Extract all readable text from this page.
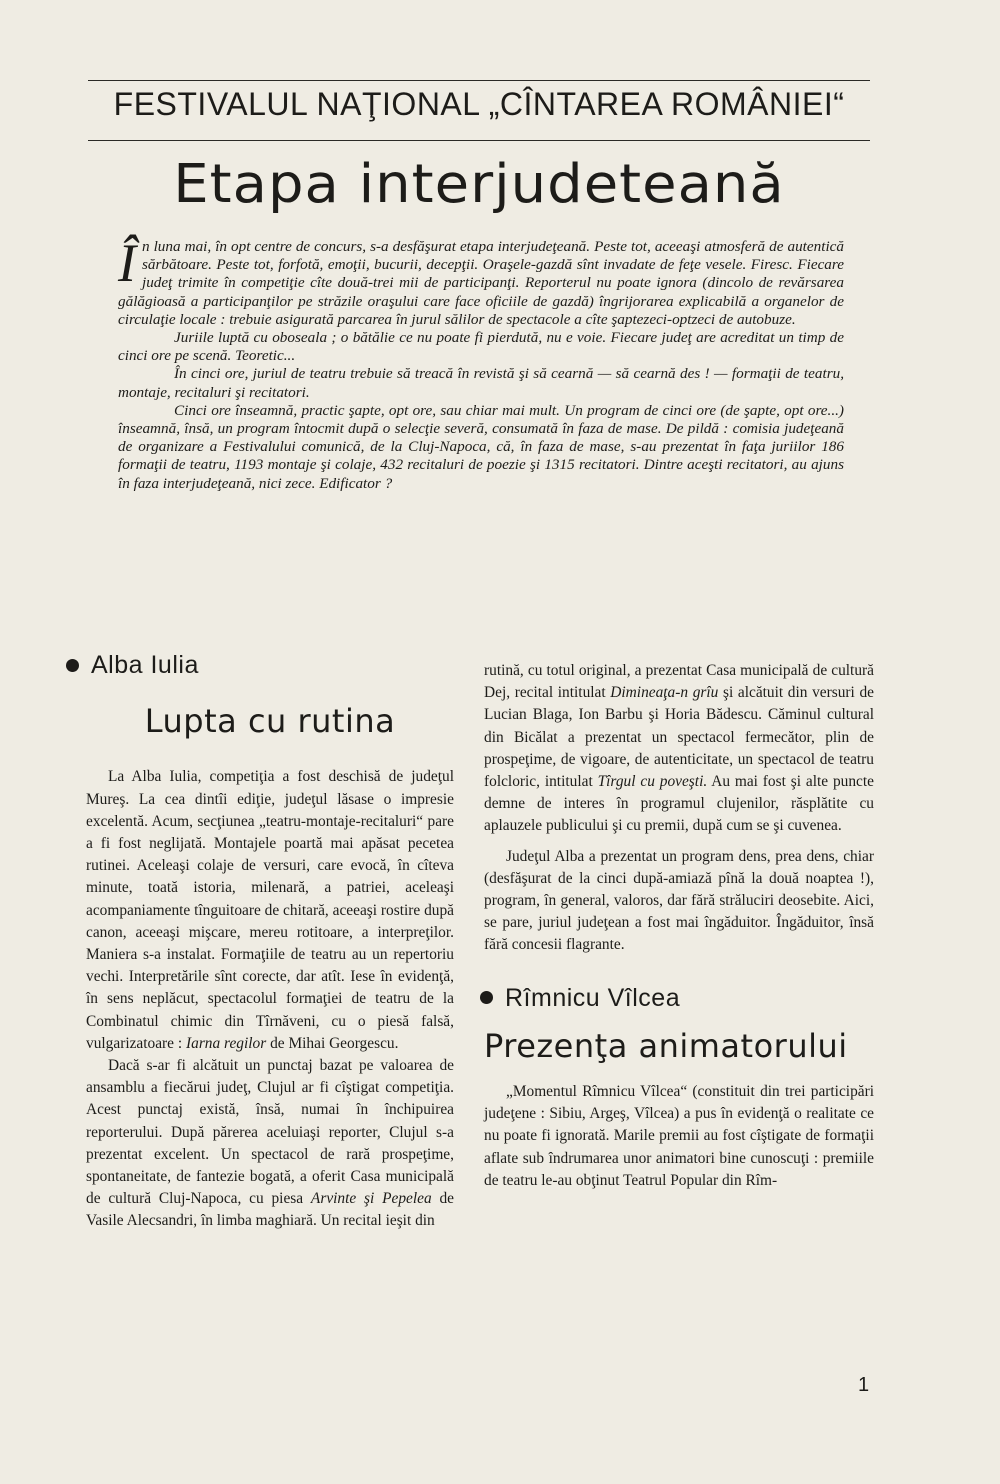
FESTIVALUL NAŢIONAL „CÎNTAREA ROMÂNIEI“
Etapa interjudeteană

În luna mai, în opt centre de concurs, s-a desfăşurat etapa interjudeţeană. Peste tot, aceeaşi atmosferă de autentică sărbătoare. Peste tot, forfotă, emoţii, bucurii, decepţii. Oraşele-gazdă sînt invadate de feţe vesele. Firesc. Fiecare judeţ trimite în competiţie cîte două-trei mii de participanţi. Reporterul nu poate ignora (dincolo de revărsarea gălăgioasă a participanţilor pe străzile oraşului care face oficiile de gazdă) îngrijorarea explicabilă a organelor de circulaţie locale : trebuie asigurată parcarea în jurul sălilor de spectacole a cîte şaptezeci-optzeci de autobuze.

Juriile luptă cu oboseala ; o bătălie ce nu poate fi pierdută, nu e voie. Fiecare judeţ are acreditat un timp de cinci ore pe scenă. Teoretic...

În cinci ore, juriul de teatru trebuie să treacă în revistă şi să cearnă — să cearnă des ! — formaţii de teatru, montaje, recitaluri şi recitatori.

Cinci ore înseamnă, practic şapte, opt ore, sau chiar mai mult. Un program de cinci ore (de şapte, opt ore...) înseamnă, însă, un program întocmit după o selecţie severă, consumată în faza de mase. De pildă : comisia judeţeană de organizare a Festivalului comunică, de la Cluj-Napoca, că, în faza de mase, s-au prezentat în faţa juriilor 186 formaţii de teatru, 1193 montaje şi colaje, 432 recitaluri de poezie şi 1315 recitatori. Dintre aceşti recitatori, au ajuns în faza interjudeţeană, nici zece. Edificator ?

Alba Iulia
Lupta cu rutina

La Alba Iulia, competiţia a fost deschisă de judeţul Mureş. La cea dintîi ediţie, judeţul lăsase o impresie excelentă. Acum, secţiunea „teatru-montaje-recitaluri“ pare a fi fost neglijată. Montajele poartă mai apăsat pecetea rutinei. Aceleaşi colaje de versuri, care evocă, în cîteva minute, toată istoria, milenară, a patriei, aceleaşi acompaniamente tînguitoare de chitară, aceeaşi rostire după canon, aceeaşi mişcare, mereu rotitoare, a interpreţilor. Maniera s-a instalat. Formaţiile de teatru au un repertoriu vechi. Interpretările sînt corecte, dar atît. Iese în evidenţă, în sens neplăcut, spectacolul formaţiei de teatru de la Combinatul chimic din Tîrnăveni, cu o piesă falsă, vulgarizatoare : Iarna regilor de Mihai Georgescu.

Dacă s-ar fi alcătuit un punctaj bazat pe valoarea de ansamblu a fiecărui judeţ, Clujul ar fi cîştigat competiţia. Acest punctaj există, însă, numai în închipuirea reporterului. După părerea aceluiaşi reporter, Clujul s-a prezentat excelent. Un spectacol de rară prospeţime, spontaneitate, de fantezie bogată, a oferit Casa municipală de cultură Cluj-Napoca, cu piesa Arvinte şi Pepelea de Vasile Alecsandri, în limba maghiară. Un recital ieşit din

rutină, cu totul original, a prezentat Casa municipală de cultură Dej, recital intitulat Dimineaţa-n grîu şi alcătuit din versuri de Lucian Blaga, Ion Barbu şi Horia Bădescu. Căminul cultural din Bicălat a prezentat un spectacol fermecător, plin de prospeţime, de vigoare, de autenticitate, un spectacol de teatru folcloric, intitulat Tîrgul cu poveşti. Au mai fost şi alte puncte demne de interes în programul clujenilor, răsplătite cu aplauzele publicului şi cu premii, după cum se şi cuvenea.

Judeţul Alba a prezentat un program dens, prea dens, chiar (desfăşurat de la cinci după-amiază pînă la două noaptea !), program, în general, valoros, dar fără străluciri deosebite. Aici, se pare, juriul judeţean a fost mai îngăduitor. Îngăduitor, însă fără concesii flagrante.

Rîmnicu Vîlcea
Prezenţa animatorului

„Momentul Rîmnicu Vîlcea“ (constituit din trei participări judeţene : Sibiu, Argeş, Vîlcea) a pus în evidenţă o realitate ce nu poate fi ignorată. Marile premii au fost cîştigate de formaţii aflate sub îndrumarea unor animatori bine cunoscuţi : premiile de teatru le-au obţinut Teatrul Popular din Rîm-

1
